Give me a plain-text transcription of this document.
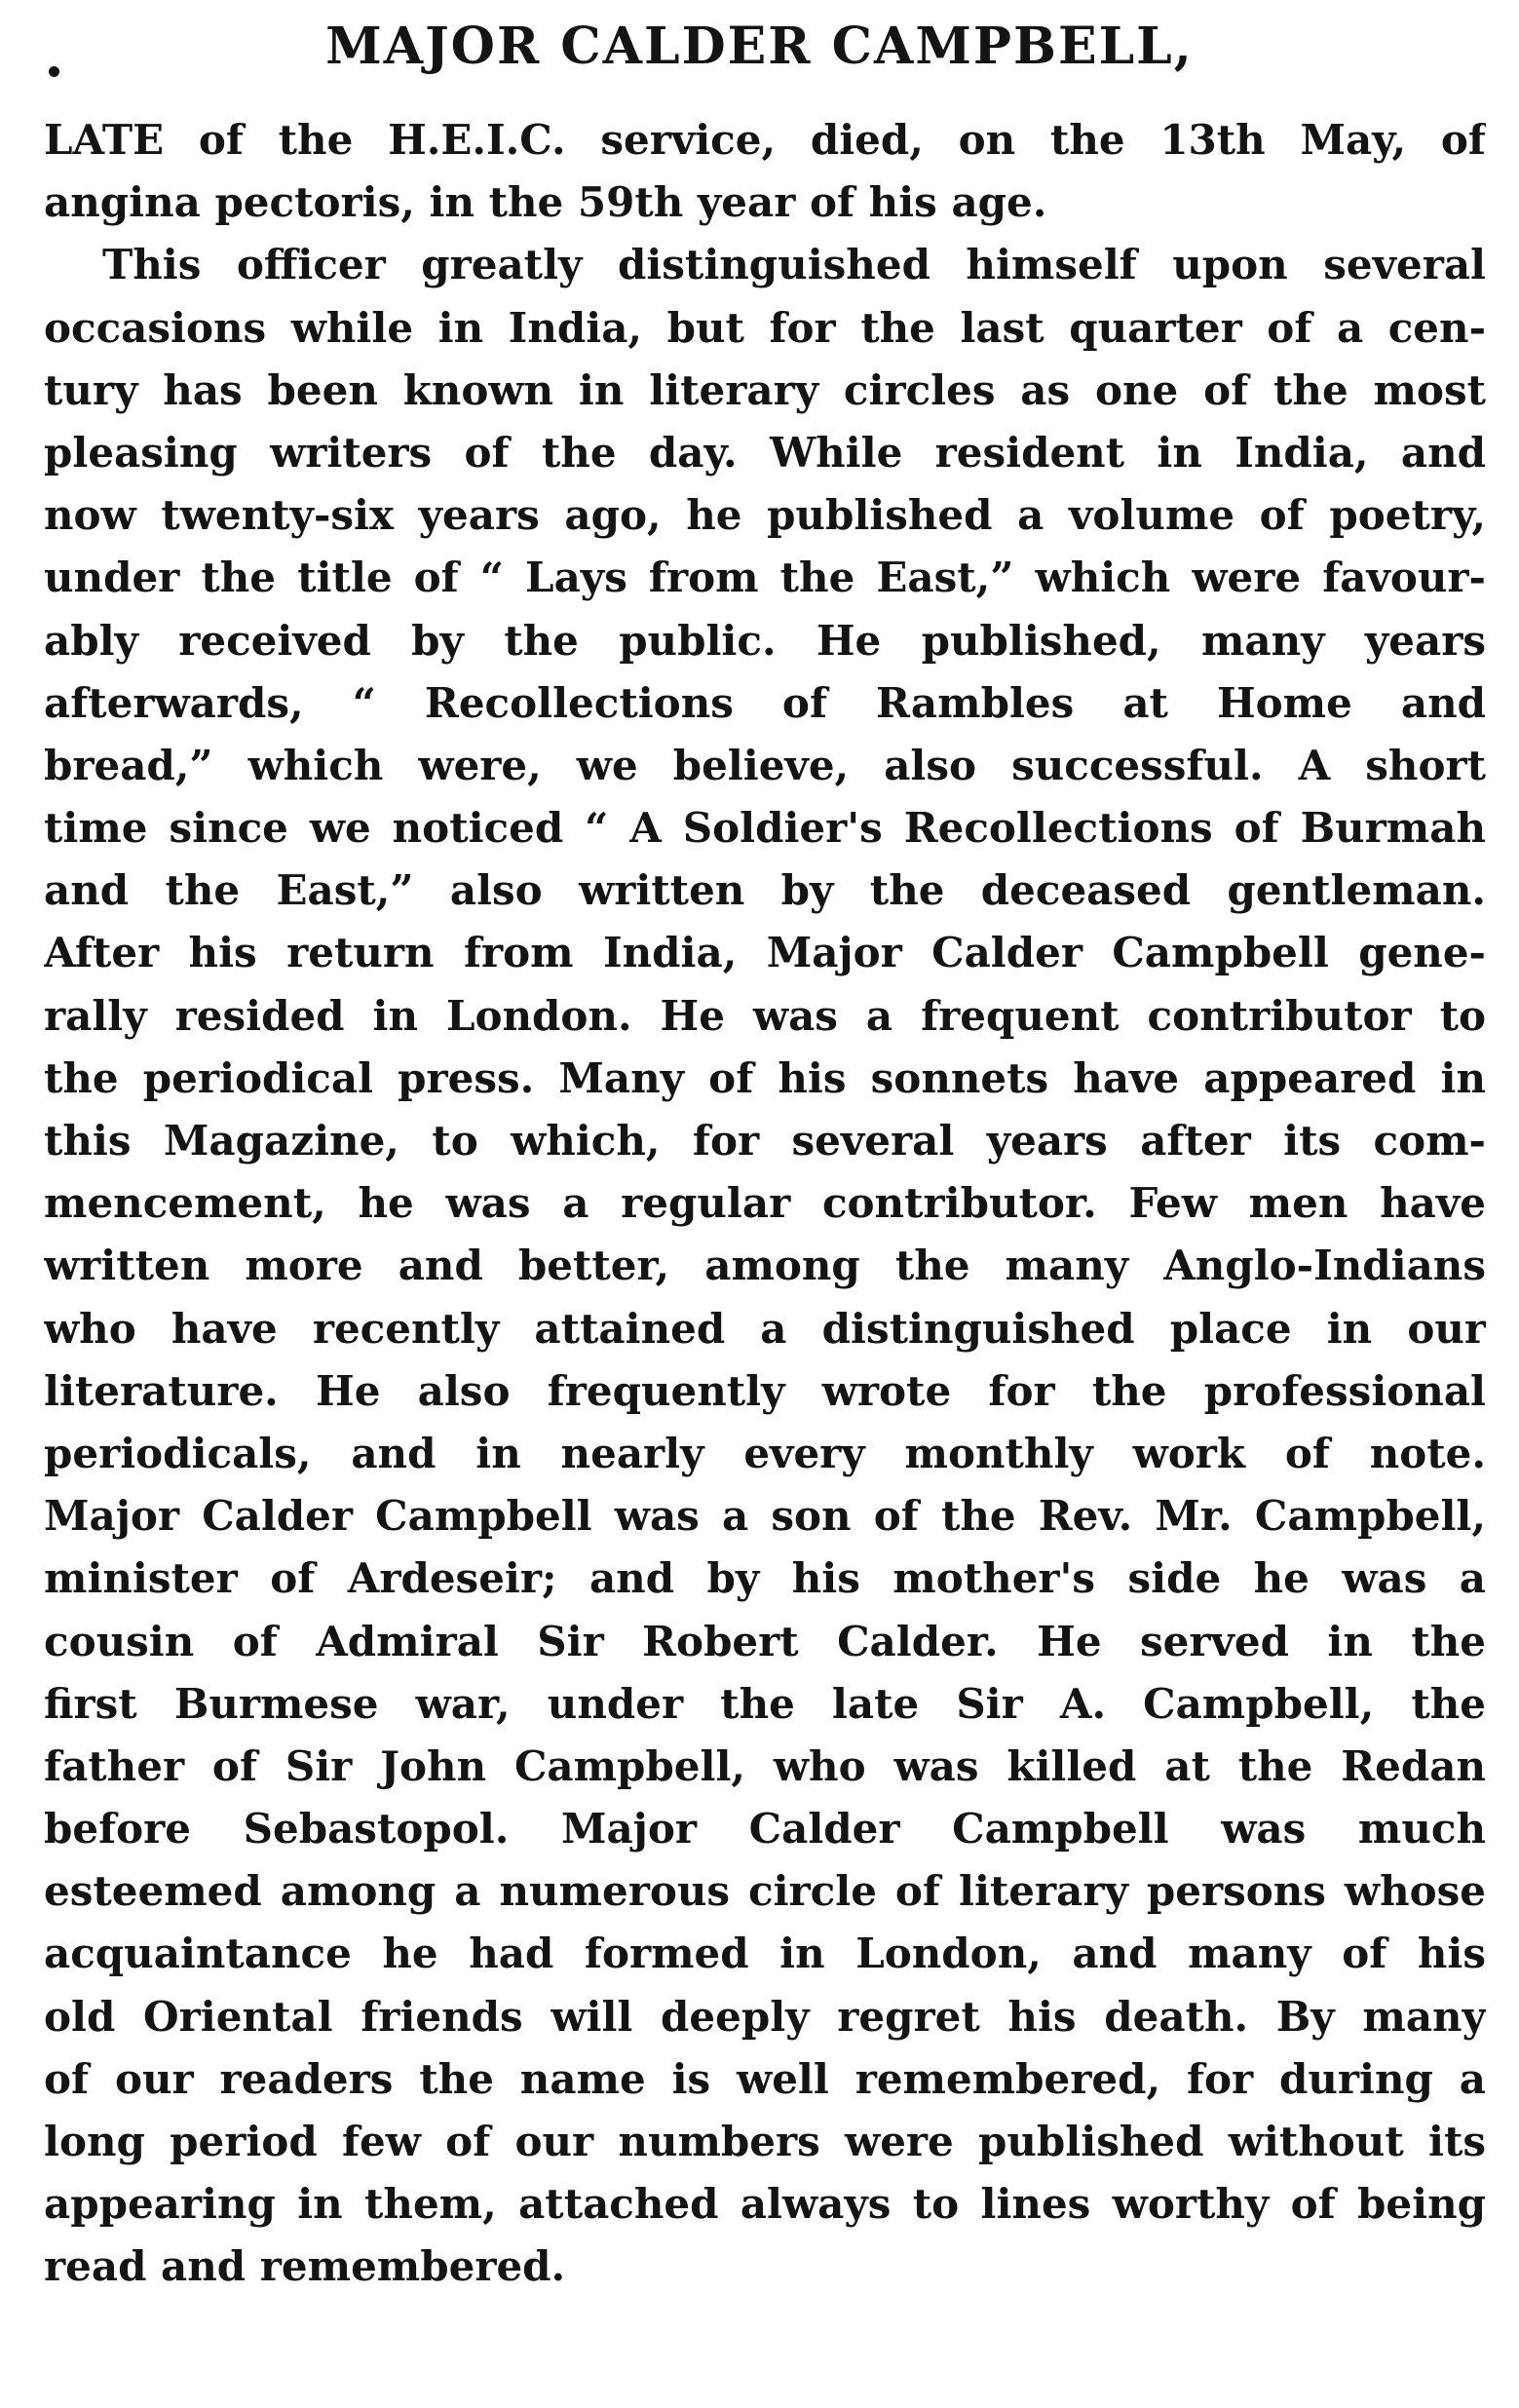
MAJOR CALDER CAMPBELL,
LATE of the H.E.I.C. service, died, on the 13th May, of
angina pectoris, in the 59th year of his age.
This officer greatly distinguished himself upon several
occasions while in India, but for the last quarter of a cen-
tury has been known in literary circles as one of the most
pleasing writers of the day. While resident in India, and
now twenty-six years ago, he published a volume of poetry,
under the title of “ Lays from the East,” which were favour-
ably received by the public. He published, many years
afterwards, “ Recollections of Rambles at Home and
bread,” which were, we believe, also successful. A short
time since we noticed “ A Soldier's Recollections of Burmah
and the East,” also written by the deceased gentleman.
After his return from India, Major Calder Campbell gene-
rally resided in London. He was a frequent contributor to
the periodical press. Many of his sonnets have appeared in
this Magazine, to which, for several years after its com-
mencement, he was a regular contributor. Few men have
written more and better, among the many Anglo-Indians
who have recently attained a distinguished place in our
literature. He also frequently wrote for the professional
periodicals, and in nearly every monthly work of note.
Major Calder Campbell was a son of the Rev. Mr. Campbell,
minister of Ardeseir; and by his mother's side he was a
cousin of Admiral Sir Robert Calder. He served in the
first Burmese war, under the late Sir A. Campbell, the
father of Sir John Campbell, who was killed at the Redan
before Sebastopol. Major Calder Campbell was much
esteemed among a numerous circle of literary persons whose
acquaintance he had formed in London, and many of his
old Oriental friends will deeply regret his death. By many
of our readers the name is well remembered, for during a
long period few of our numbers were published without its
appearing in them, attached always to lines worthy of being
read and remembered.
